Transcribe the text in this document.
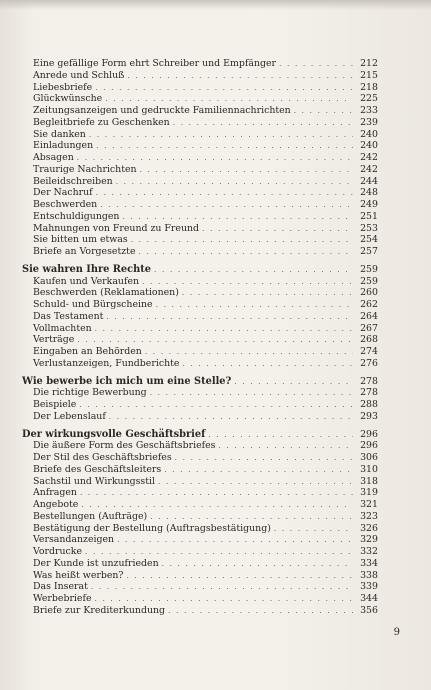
Eine gefällige Form ehrt Schreiber und Empfänger . . .	212
Anrede und Schluß . . .	215
Liebesbriefe . . .	218
Glückwünsche . . .	225
Zeitungsanzeigen und gedruckte Familiennachrichten . . .	233
Begleitbriefe zu Geschenken . . .	239
Sie danken . . .	240
Einladungen . . .	240
Absagen . . .	242
Traurige Nachrichten . . .	242
Beileidschreiben . . .	244
Der Nachruf . . .	248
Beschwerden . . .	249
Entschuldigungen . . .	251
Mahnungen von Freund zu Freund . . .	253
Sie bitten um etwas . . .	254
Briefe an Vorgesetzte . . .	257
Sie wahren Ihre Rechte . . .	259
Kaufen und Verkaufen . . .	259
Beschwerden (Reklamationen) . . .	260
Schuld- und Bürgscheine . . .	262
Das Testament . . .	264
Vollmachten . . .	267
Verträge . . .	268
Eingaben an Behörden . . .	274
Verlustanzeigen, Fundberichte . . .	276
Wie bewerbe ich mich um eine Stelle? . . .	278
Die richtige Bewerbung . . .	278
Beispiele . . .	288
Der Lebenslauf . . .	293
Der wirkungsvolle Geschäftsbrief . . .	296
Die äußere Form des Geschäftsbriefes . . .	296
Der Stil des Geschäftsbriefes . . .	306
Briefe des Geschäftsleiters . . .	310
Sachstil und Wirkungsstil . . .	318
Anfragen . . .	319
Angebote . . .	321
Bestellungen (Aufträge) . . .	323
Bestätigung der Bestellung (Auftragsbestätigung) . . .	326
Versandanzeigen . . .	329
Vordrucke . . .	332
Der Kunde ist unzufrieden . . .	334
Was heißt werben? . . .	338
Das Inserat . . .	339
Werbebriefe . . .	344
Briefe zur Krediterkundung . . .	356
9
